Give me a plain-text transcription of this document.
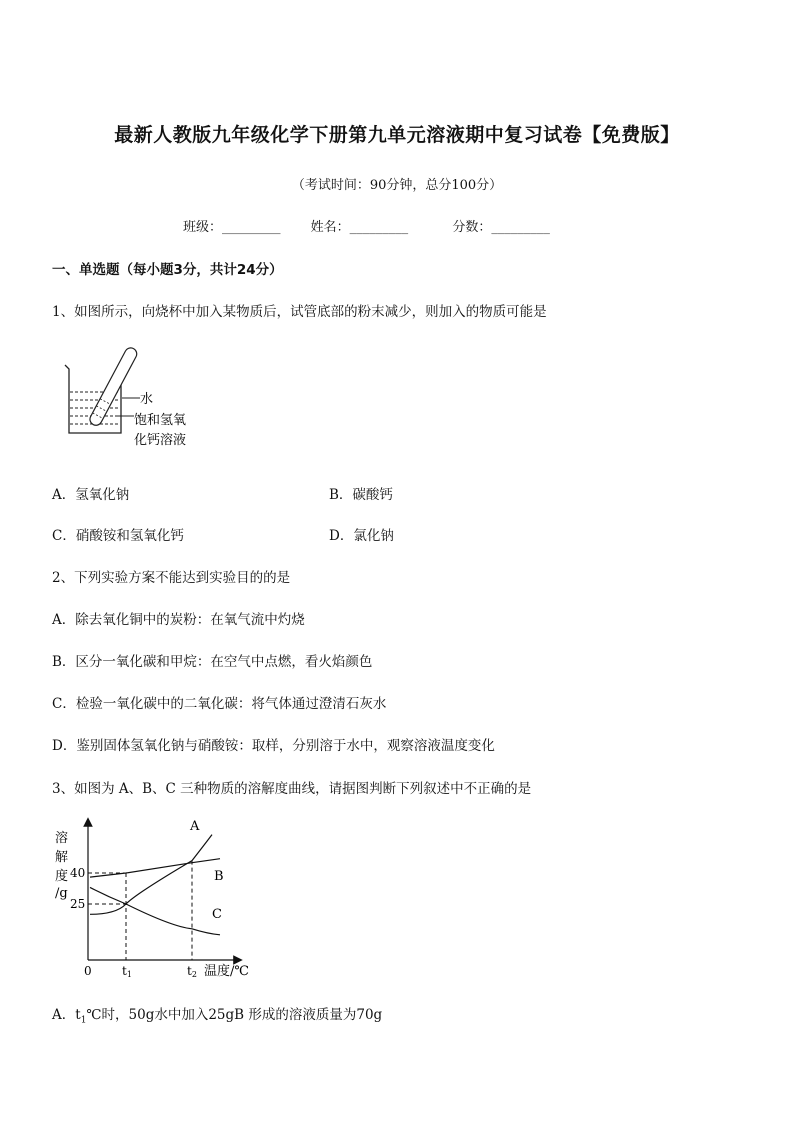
最新人教版九年级化学下册第九单元溶液期中复习试卷【免费版】
（考试时间：90分钟，总分100分）
班级：_________ 姓名：_________	分数：_________
一、单选题（每小题3分，共计24分）
1、如图所示，向烧杯中加入某物质后，试管底部的粉末减少，则加入的物质可能是
水
饱和氢氧
化钙溶液
A．氢氧化钠	B．碳酸钙
C．硝酸铵和氢氧化钙	D．氯化钠
2、下列实验方案不能达到实验目的的是
A．除去氧化铜中的炭粉：在氧气流中灼烧
B．区分一氧化碳和甲烷：在空气中点燃，看火焰颜色
C．检验一氧化碳中的二氧化碳：将气体通过澄清石灰水
D．鉴别固体氢氧化钠与硝酸铵：取样，分别溶于水中，观察溶液温度变化
3、如图为 A、B、C 三种物质的溶解度曲线，请据图判断下列叙述中不正确的是
溶
解
度
/g
温度/℃
0
40
25
t1	t2
A
B
C
A．$t_1℃$时，50g水中加入25gB 形成的溶液质量为70g
